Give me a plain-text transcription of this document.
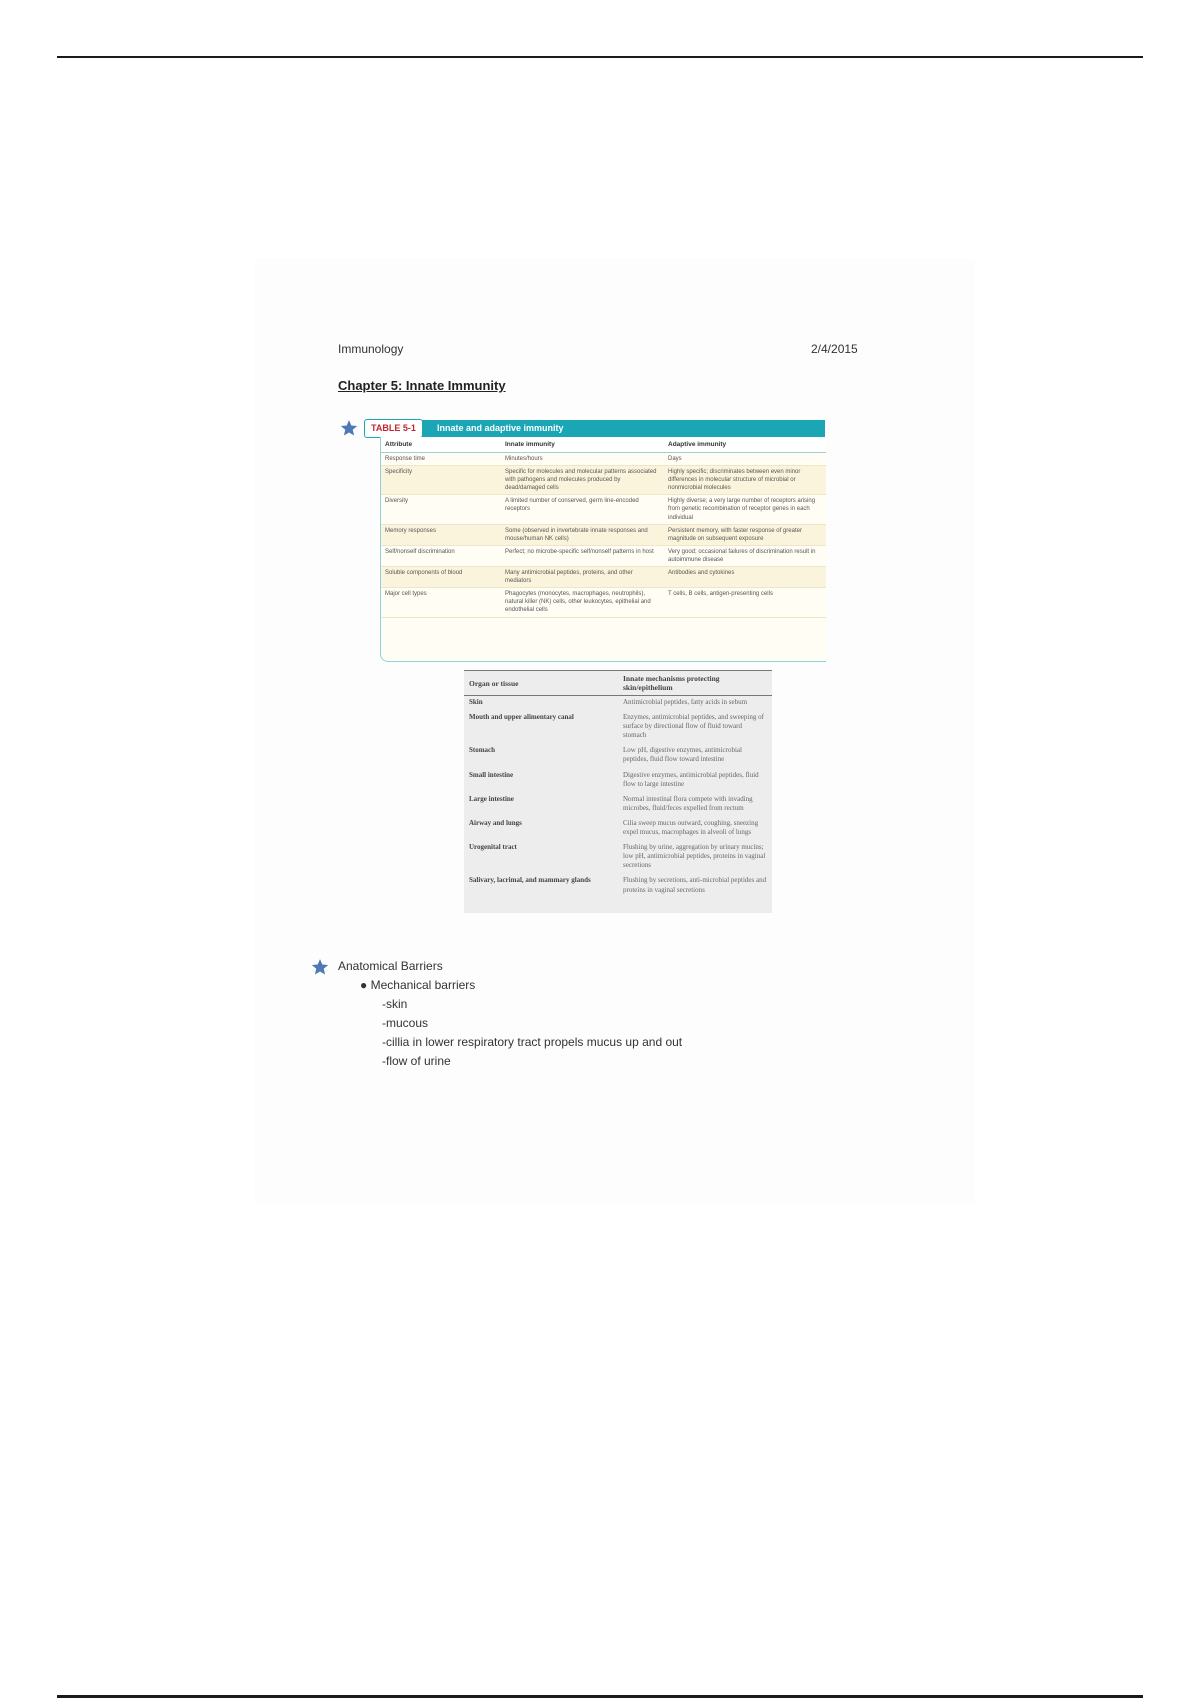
Immunology	2/4/2015
Chapter 5: Innate Immunity
Innate and adaptive immunity
TABLE 5-1
Attribute	Innate immunity	Adaptive immunity
Response time	Minutes/hours	Days
Specificity	Specific for molecules and molecular patterns associated with pathogens and molecules produced by dead/damaged cells	Highly specific; discriminates between even minor differences in molecular structure of microbial or nonmicrobial molecules
Diversity	A limited number of conserved, germ line-encoded receptors	Highly diverse; a very large number of receptors arising from genetic recombination of receptor genes in each individual
Memory responses	Some (observed in invertebrate innate responses and mouse/human NK cells)	Persistent memory, with faster response of greater magnitude on subsequent exposure
Self/nonself discrimination	Perfect; no microbe-specific self/nonself patterns in host	Very good; occasional failures of discrimination result in autoimmune disease
Soluble components of blood	Many antimicrobial peptides, proteins, and other mediators	Antibodies and cytokines
Major cell types	Phagocytes (monocytes, macrophages, neutrophils), natural killer (NK) cells, other leukocytes, epithelial and endothelial cells	T cells, B cells, antigen-presenting cells
Organ or tissue	Innate mechanisms protecting skin/epithelium
Skin	Antimicrobial peptides, fatty acids in sebum
Mouth and upper alimentary canal	Enzymes, antimicrobial peptides, and sweeping of surface by directional flow of fluid toward stomach
Stomach	Low pH, digestive enzymes, antimicrobial peptides, fluid flow toward intestine
Small intestine	Digestive enzymes, antimicrobial peptides, fluid flow to large intestine
Large intestine	Normal intestinal flora compete with invading microbes, fluid/feces expelled from rectum
Airway and lungs	Cilia sweep mucus outward, coughing, sneezing expel mucus, macrophages in alveoli of lungs
Urogenital tract	Flushing by urine, aggregation by urinary mucins; low pH, antimicrobial peptides, proteins in vaginal secretions
Salivary, lacrimal, and mammary glands	Flushing by secretions, anti-microbial peptides and proteins in vaginal secretions
Anatomical Barriers
● Mechanical barriers
-skin
-mucous
-cillia in lower respiratory tract propels mucus up and out
-flow of urine
